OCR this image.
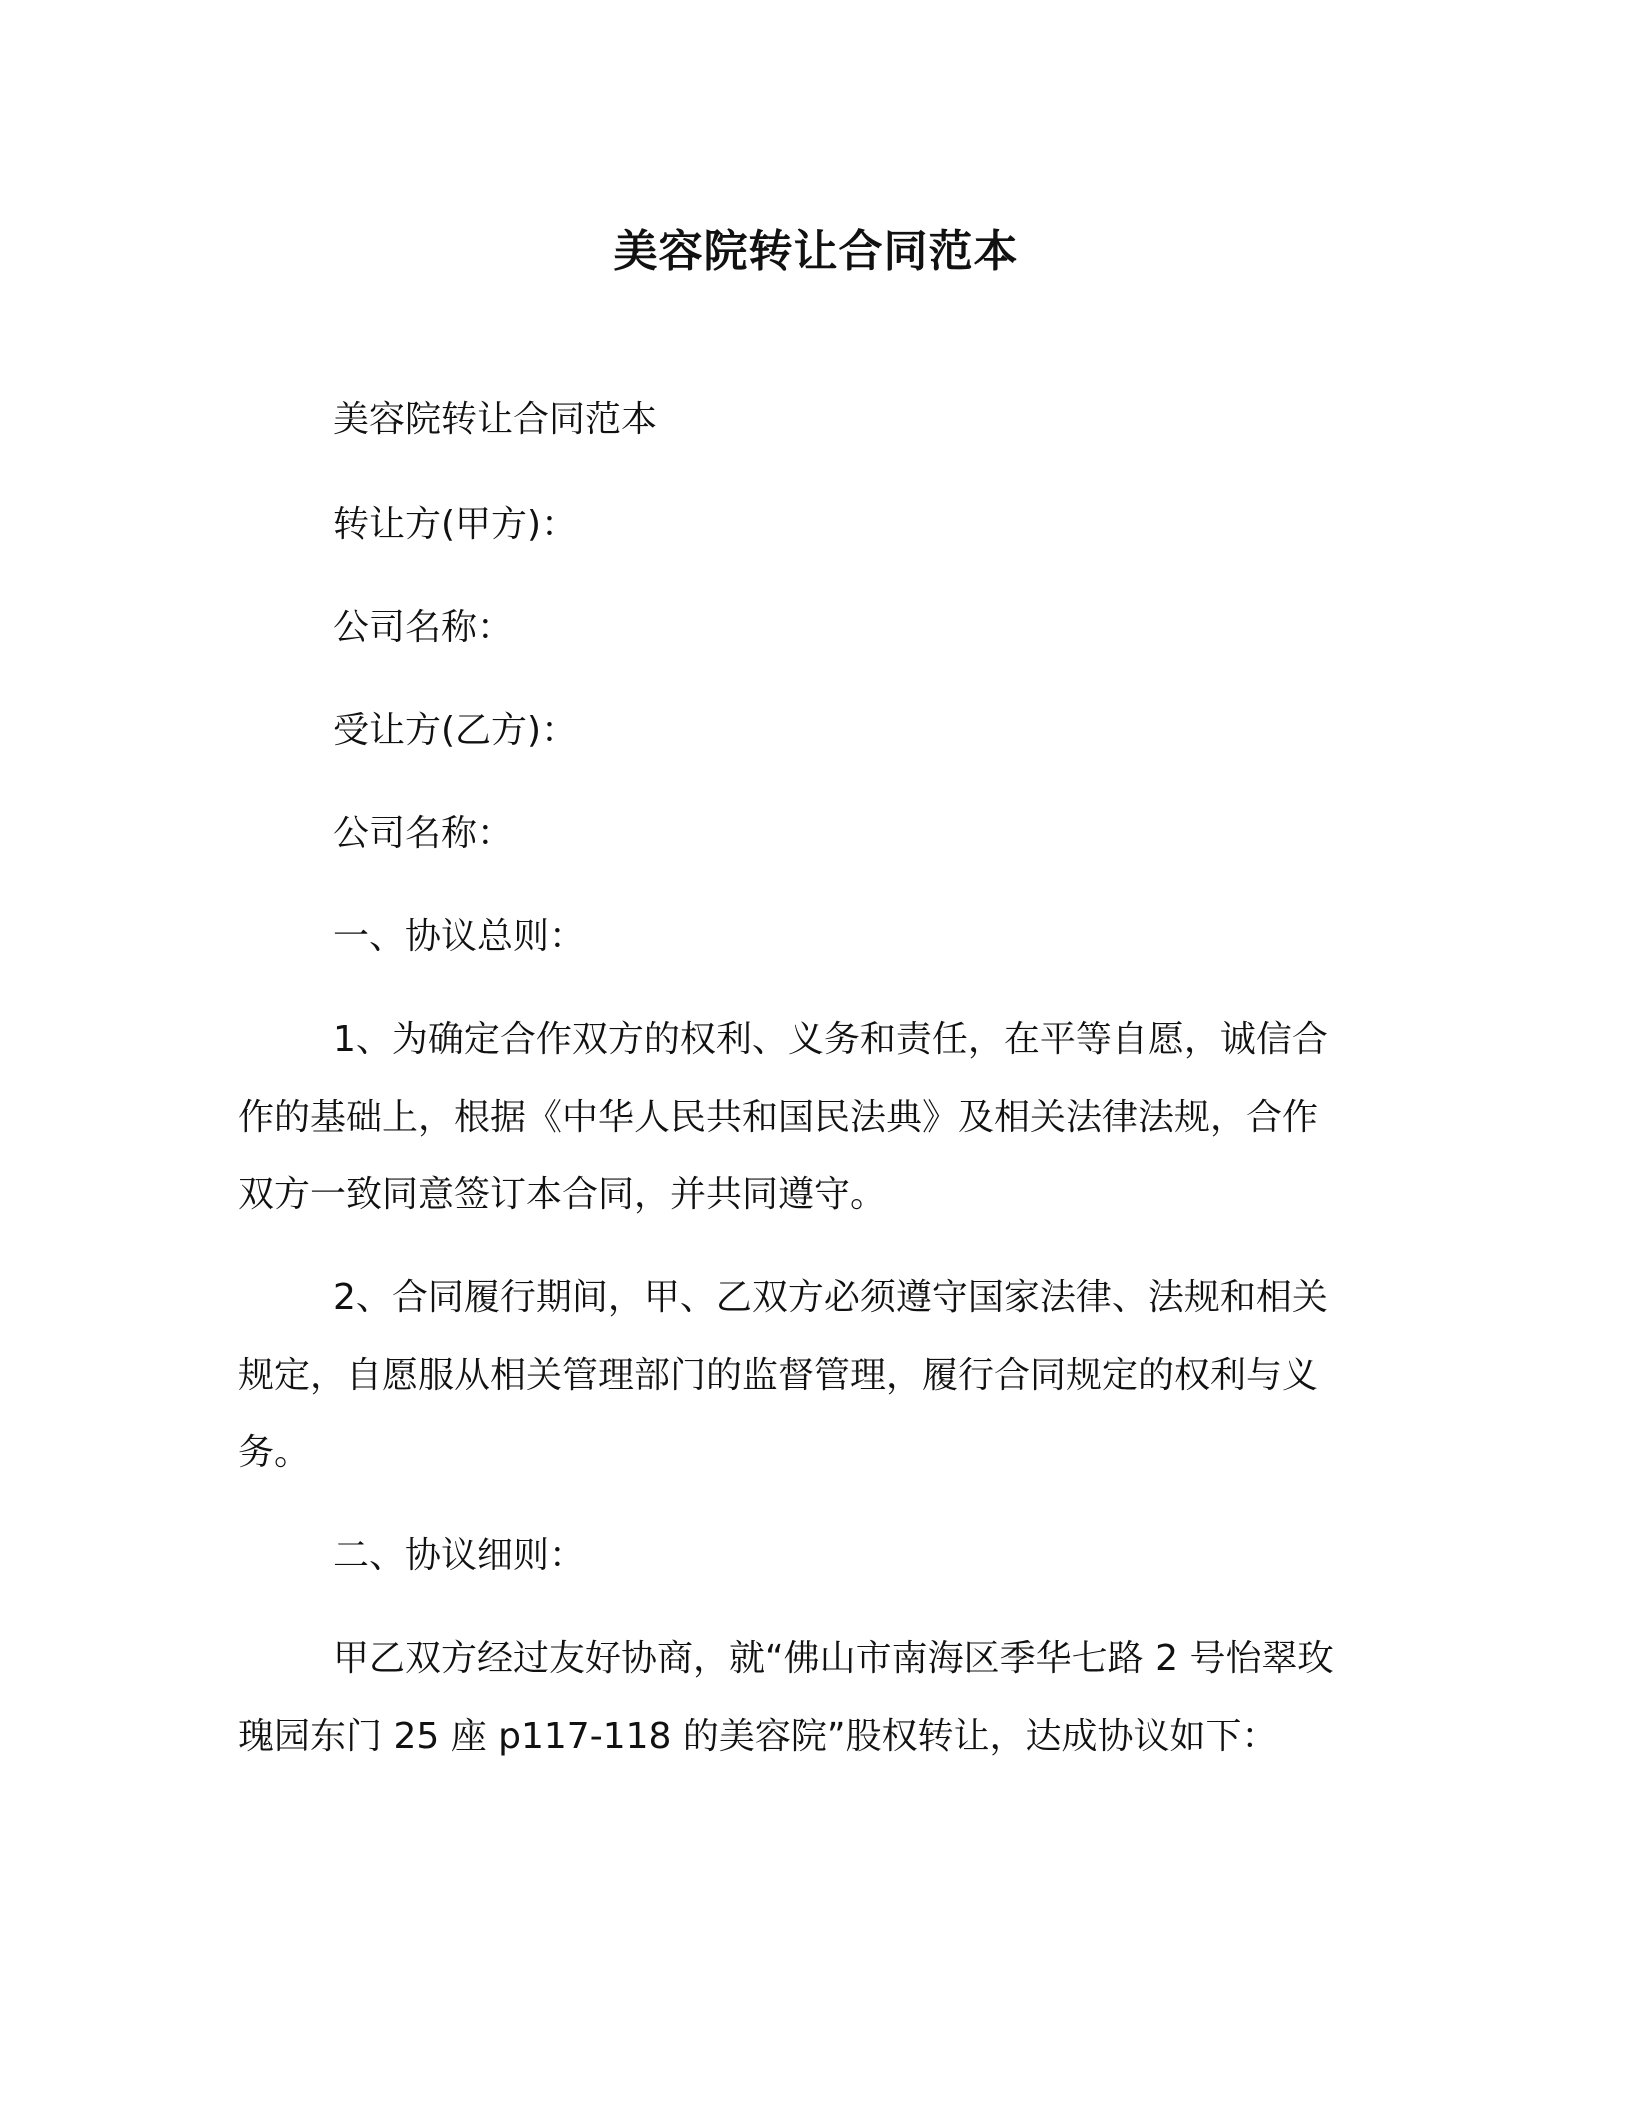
美容院转让合同范本

美容院转让合同范本

转让方(甲方)：

公司名称：

受让方(乙方)：

公司名称：

一、协议总则：

1、为确定合作双方的权利、义务和责任，在平等自愿，诚信合

作的基础上，根据《中华人民共和国民法典》及相关法律法规，合作

双方一致同意签订本合同，并共同遵守。

2、合同履行期间，甲、乙双方必须遵守国家法律、法规和相关

规定，自愿服从相关管理部门的监督管理，履行合同规定的权利与义

务。

二、协议细则：

甲乙双方经过友好协商，就“佛山市南海区季华七路 2 号怡翠玫

瑰园东门 25 座 p117-118 的美容院”股权转让，达成协议如下：
